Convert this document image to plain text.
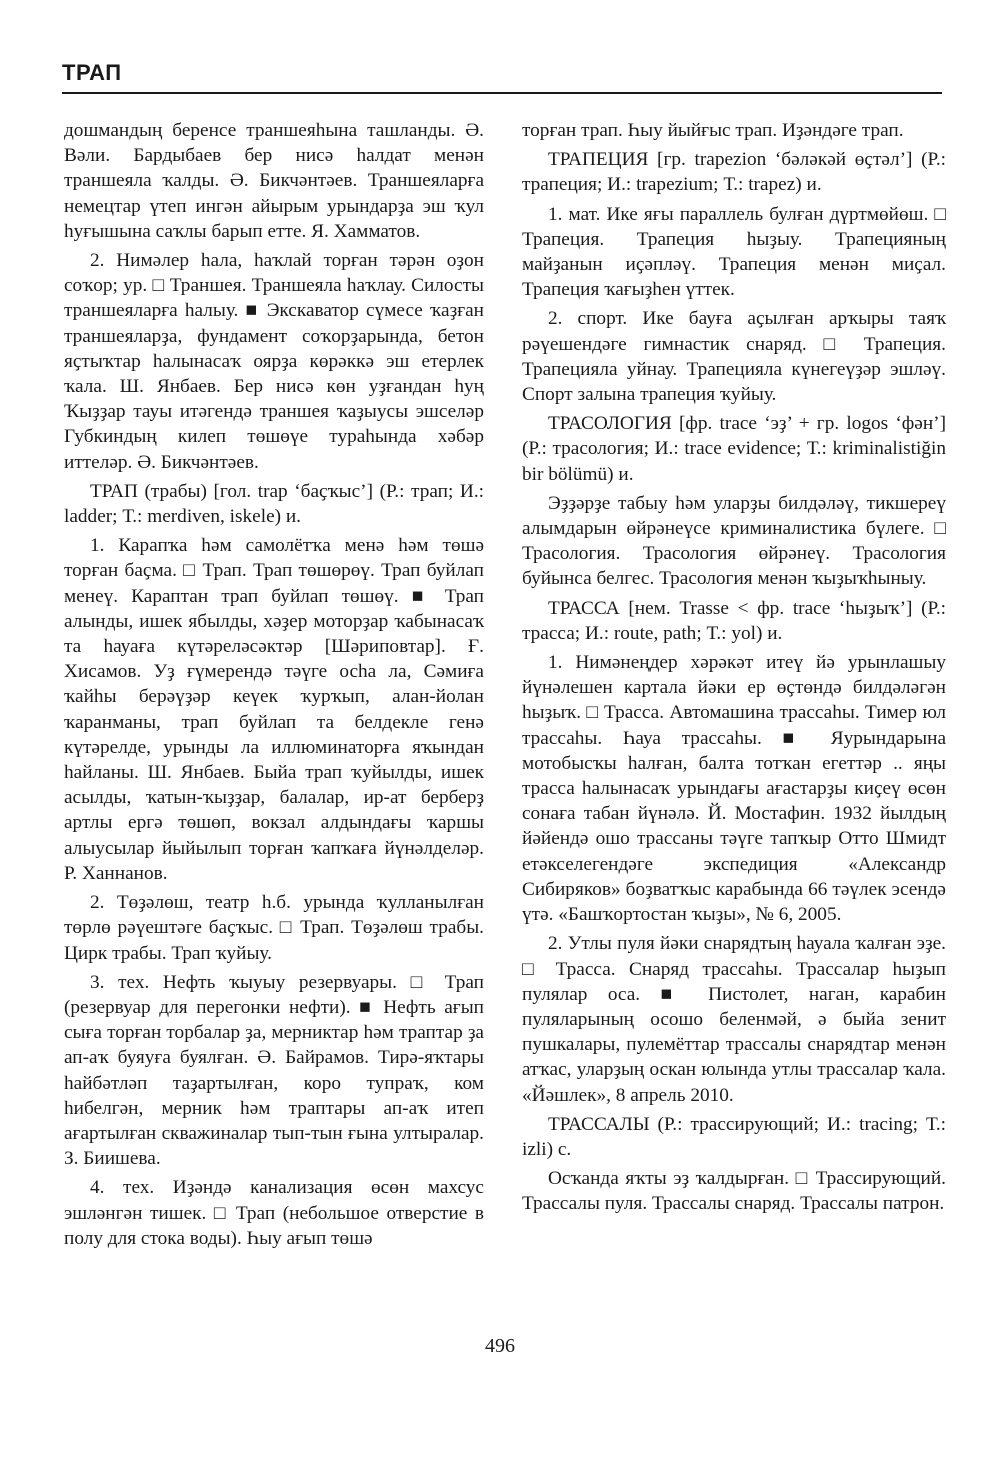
ТРАП

дошмандың беренсе траншеяһына ташланды. Ә. Вәли. Бардыбаев бер нисә һалдат менән траншеяла ҡалды. Ә. Бикчәнтәев. Траншеяларға немецтар үтеп ингән айырым урындарҙа эш ҡул һуғышына саҡлы барып етте. Я. Хамматов.

2. Нимәлер һала, һаҡлай торған тәрән оҙон соҡор; ур. □ Траншея. Траншеяла һаҡлау. Силосты траншеяларға һалыу. ■ Экскаватор сүмесе ҡаҙған траншеяларҙа, фундамент соҡорҙарында, бетон яҫтыҡтар һалынасаҡ оярҙа көрәккә эш етерлек ҡала. Ш. Янбаев. Бер нисә көн уҙғандан һуң Ҡыҙҙар тауы итәгендә траншея ҡаҙыусы эшселәр Губкиндың килеп төшөүе тураһында хәбәр иттеләр. Ә. Бикчәнтәев.

ТРАП (трабы) [гол. trap ‘баҫҡыс’] (Р.: трап; И.: ladder; Т.: merdiven, iskele) и.

1. Карапҡа һәм самолётҡа менә һәм төшә торған баҫма. □ Трап. Трап төшөрөү. Трап буйлап менеү. Караптан трап буйлап төшөү. ■ Трап алынды, ишек ябылды, хәҙер моторҙар ҡабынасаҡ та һауаға күтәреләсәктәр [Шәриповтар]. Ғ. Хисамов. Уҙ ғүмерендә тәүге осһа ла, Сәмиға ҡайһы берәүҙәр кеүек ҡурҡып, алан-йолан ҡаранманы, трап буйлап та белдекле генә күтәрелде, урынды ла иллюминаторға яҡындан һайланы. Ш. Янбаев. Быйа трап ҡуйылды, ишек асылды, ҡатын-ҡыҙҙар, балалар, ир-ат берберҙ артлы ергә төшөп, вокзал алдындағы ҡаршы алыусылар йыйылып торған ҡапҡаға йүнәлделәр. Р. Ханнанов.

2. Төҙәлөш, театр һ.б. урында ҡулланылған төрлө рәүештәге баҫҡыс. □ Трап. Төҙәлөш трабы. Цирк трабы. Трап ҡуйыу.

3. тех. Нефть ҡыуыу резервуары. □ Трап (резервуар для перегонки нефти). ■ Нефть ағып сыға торған торбалар ҙа, мерниктар һәм траптар ҙа ап-аҡ буяуға буялған. Ә. Байрамов. Тирә-яҡтары һайбәтләп таҙартылған, коро тупраҡ, ком һибелгән, мерник һәм траптары ап-аҡ итеп ағартылған скважиналар тып-тын ғына ултыралар. З. Биишева.

4. тех. Иҙәндә канализация өсөн махсус эшләнгән тишек. □ Трап (небольшое отверстие в полу для стока воды). Һыу ағып төшә

торған трап. Һыу йыйғыс трап. Иҙәндәге трап.

ТРАПЕЦИЯ [гр. trapezion ‘бәләкәй өҫтәл’] (Р.: трапеция; И.: trapezium; Т.: trapez) и.

1. мат. Ике яғы параллель булған дүртмөйөш. □ Трапеция. Трапеция һыҙыу. Трапецияның майҙанын иҫәпләү. Трапеция менән миҫал. Трапеция ҡағыҙһен үттек.

2. спорт. Ике бауға аҫылған арҡыры таяҡ рәүешендәге гимнастик снаряд. □ Трапеция. Трапецияла уйнау. Трапецияла күнегеүҙәр эшләү. Спорт залына трапеция ҡуйыу.

ТРАСОЛОГИЯ [фр. trace ‘эҙ’ + гр. logos ‘фән’] (Р.: трасология; И.: trace evidence; Т.: kriminalistiğin bir bölümü) и.

Эҙҙәрҙе табыу һәм уларҙы билдәләү, тикшереү алымдарын өйрәнеүсе криминалистика бүлеге. □ Трасология. Трасология өйрәнеү. Трасология буйынса белгес. Трасология менән ҡыҙыҡһыныу.

ТРАССА [нем. Trasse < фр. trace ‘һыҙыҡ’] (Р.: трасса; И.: route, path; Т.: yol) и.

1. Нимәнеңдер хәрәкәт итеү йә урынлашыу йүнәлешен картала йәки ер өҫтөндә билдәләгән һыҙыҡ. □ Трасса. Автомашина трассаһы. Тимер юл трассаһы. Һауа трассаһы. ■ Яурындарына мотобысҡы һалған, балта тотҡан егеттәр .. яңы трасса һалынасаҡ урындағы ағастарҙы киҫеү өсөн сонаға табан йүнәлә. Й. Мостафин. 1932 йылдың йәйендә ошо трассаны тәүге тапҡыр Отто Шмидт етәкселегендәге экспедиция «Александр Сибиряков» боҙватҡыс карабында 66 тәүлек эсендә үтә. «Башҡортостан ҡыҙы», № 6, 2005.

2. Утлы пуля йәки снарядтың һауала ҡалған эҙе. □ Трасса. Снаряд трассаһы. Трассалар һыҙып пулялар оса. ■ Пистолет, наган, карабин пуляларының осошо беленмәй, ә быйа зенит пушкалары, пулемёттар трассалы снарядтар менән атҡас, уларҙың оскан юлында утлы трассалар ҡала. «Йәшлек», 8 апрель 2010.

ТРАССАЛЫ (Р.: трассирующий; И.: tracing; Т.: izli) с.

Осҡанда яҡты эҙ ҡалдырған. □ Трассирующий. Трассалы пуля. Трассалы снаряд. Трассалы патрон.

496
